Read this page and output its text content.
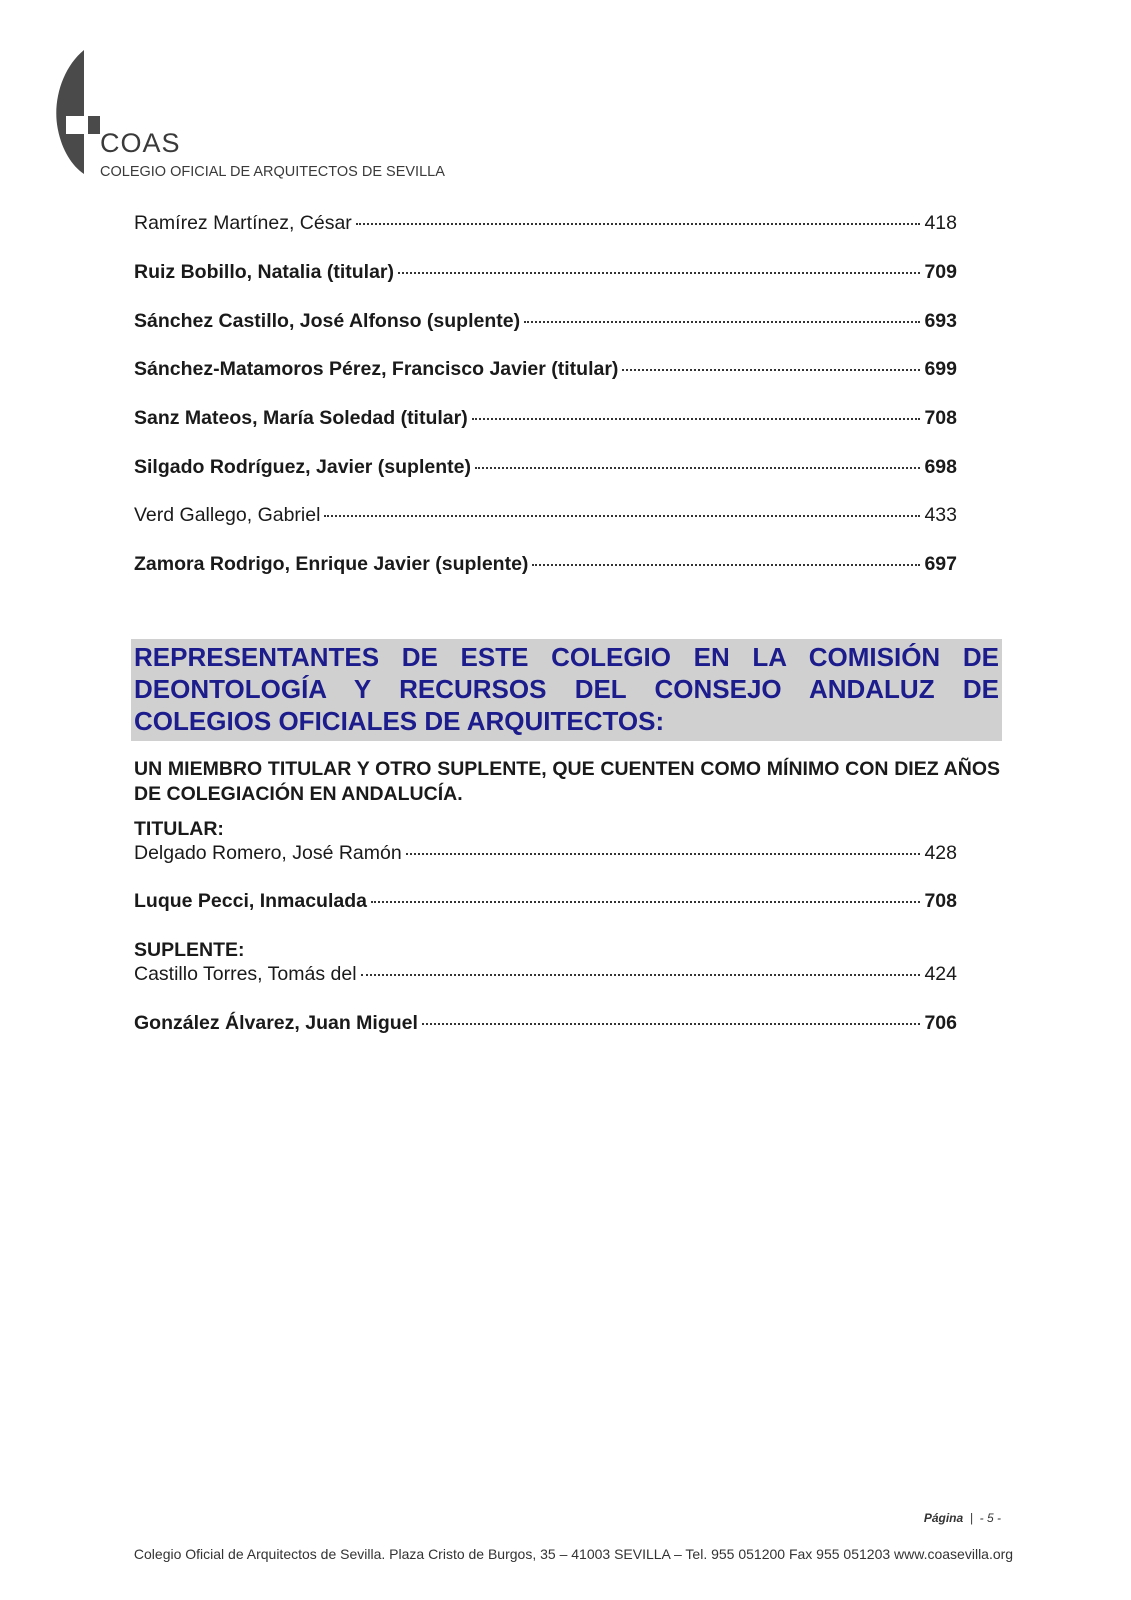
COAS
COLEGIO OFICIAL DE ARQUITECTOS DE SEVILLA
Ramírez Martínez, César	418
Ruiz Bobillo, Natalia (titular)	709
Sánchez Castillo, José Alfonso (suplente)	693
Sánchez-Matamoros Pérez, Francisco Javier (titular)	699
Sanz Mateos, María Soledad (titular)	708
Silgado Rodríguez, Javier (suplente)	698
Verd Gallego, Gabriel	433
Zamora Rodrigo, Enrique Javier (suplente)	697
REPRESENTANTES DE ESTE COLEGIO EN LA COMISIÓN DE DEONTOLOGÍA Y RECURSOS DEL CONSEJO ANDALUZ DE COLEGIOS OFICIALES DE ARQUITECTOS:
UN MIEMBRO TITULAR Y OTRO SUPLENTE, QUE CUENTEN COMO MÍNIMO CON DIEZ AÑOS DE COLEGIACIÓN EN ANDALUCÍA.
TITULAR:
Delgado Romero, José Ramón	428
Luque Pecci, Inmaculada	708
SUPLENTE:
Castillo Torres, Tomás del	424
González Álvarez, Juan Miguel	706
Página  |  - 5 -
Colegio Oficial de Arquitectos de Sevilla. Plaza Cristo de Burgos, 35 – 41003 SEVILLA – Tel. 955 051200 Fax 955 051203 www.coasevilla.org
